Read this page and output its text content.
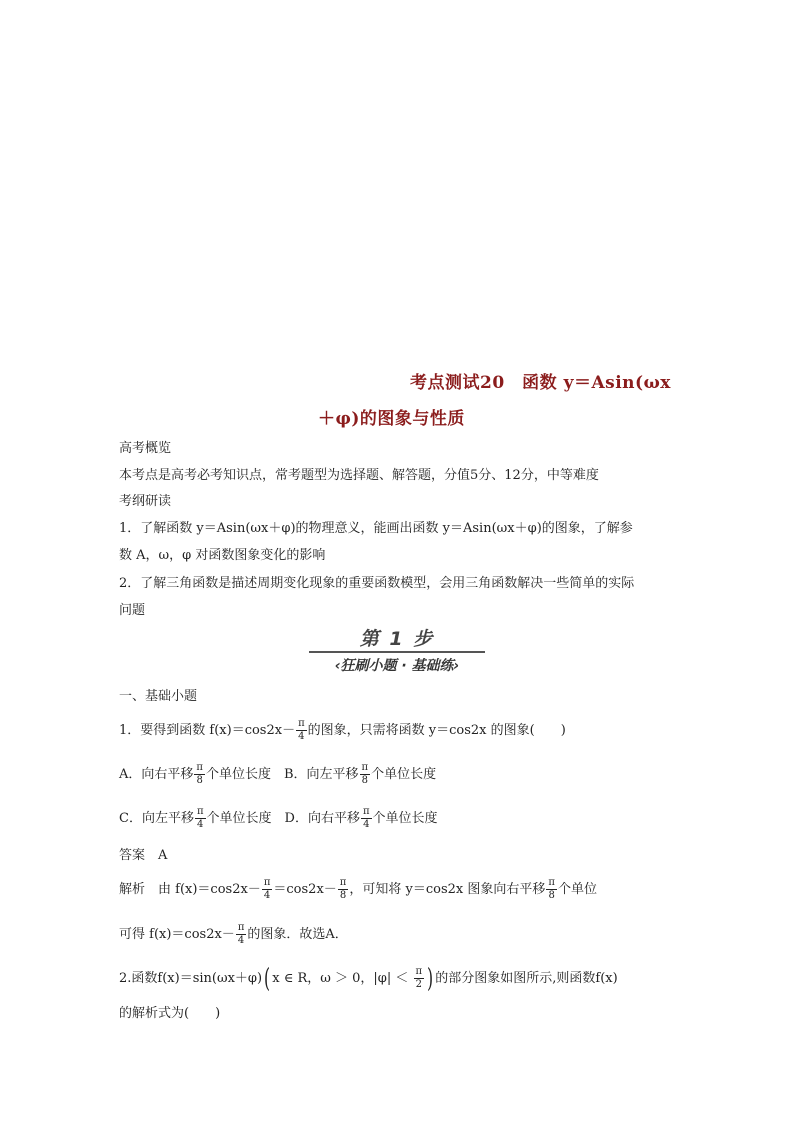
考点测试20　函数 y＝Asin(ωx
＋φ)的图象与性质
高考概览
本考点是高考必考知识点，常考题型为选择题、解答题，分值5分、12分，中等难度
考纲研读
1．了解函数 y＝Asin(ωx＋φ)的物理意义，能画出函数 y＝Asin(ωx＋φ)的图象，了解参
数 A，ω，φ 对函数图象变化的影响
2．了解三角函数是描述周期变化现象的重要函数模型，会用三角函数解决一些简单的实际
问题
第 1 步
‹狂刷小题 · 基础练›
一、基础小题
1．要得到函数 $f(x)=\cos 2x- \frac{\pi}{4}$ 的图象，只需将函数 y＝cos2x 的图象(　　)
A．向右平移 $\frac{\pi}{8}$ 个单位长度　B．向左平移 $\frac{\pi}{8}$ 个单位长度
C．向左平移 $\frac{\pi}{4}$ 个单位长度　D．向右平移 $\frac{\pi}{4}$ 个单位长度
答案　A
解析　由 $f(x)=\cos 2x- \frac{\pi}{4} =\cos 2x- \frac{\pi}{8}$ ，可知将 y＝cos2x 图象向右平移 $\frac{\pi}{8}$ 个单位
可得 $f(x)=\cos 2x- \frac{\pi}{4}$ 的图象．故选A．
2.函数f(x)＝sin(ωx＋φ)( x ∈ R，ω ＞ 0，$|\varphi| < \frac{\pi}{2}$ ) 的部分图象如图所示,则函数f(x)
的解析式为(　　)
